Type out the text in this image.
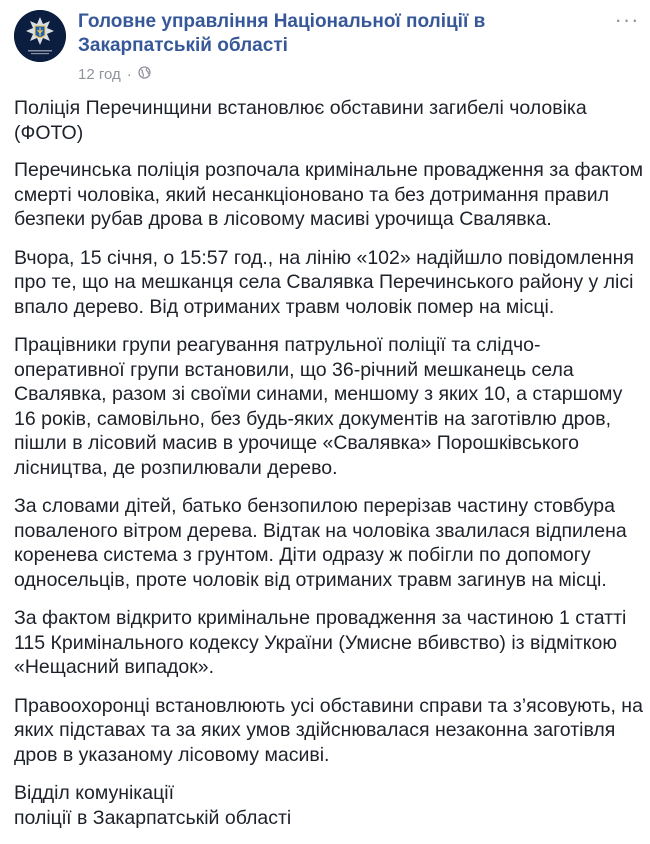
Головне управління Національної поліції в Закарпатській області
···
12 год ·

Поліція Перечинщини встановлює обставини загибелі чоловіка (ФОТО)

Перечинська поліція розпочала кримінальне провадження за фактом смерті чоловіка, який несанкціоновано та без дотримання правил безпеки рубав дрова в лісовому масиві урочища Свалявка.

Вчора, 15 січня, о 15:57 год., на лінію «102» надійшло повідомлення про те, що на мешканця села Свалявка Перечинського району у лісі впало дерево. Від отриманих травм чоловік помер на місці.

Працівники групи реагування патрульної поліції та слідчо-оперативної групи встановили, що 36-річний мешканець села Свалявка, разом зі своїми синами, меншому з яких 10, а старшому 16 років, самовільно, без будь-яких документів на заготівлю дров, пішли в лісовий масив в урочище «Свалявка» Порошківського лісництва, де розпилювали дерево.

За словами дітей, батько бензопилою перерізав частину стовбура поваленого вітром дерева. Відтак на чоловіка звалилася відпилена коренева система з грунтом. Діти одразу ж побігли по допомогу односельців, проте чоловік від отриманих травм загинув на місці.

За фактом відкрито кримінальне провадження за частиною 1 статті 115 Кримінального кодексу України (Умисне вбивство) із відміткою «Нещасний випадок».

Правоохоронці встановлюють усі обставини справи та з’ясовують, на яких підставах та за яких умов здійснювалася незаконна заготівля дров в указаному лісовому масиві.

Відділ комунікації
поліції в Закарпатській області
